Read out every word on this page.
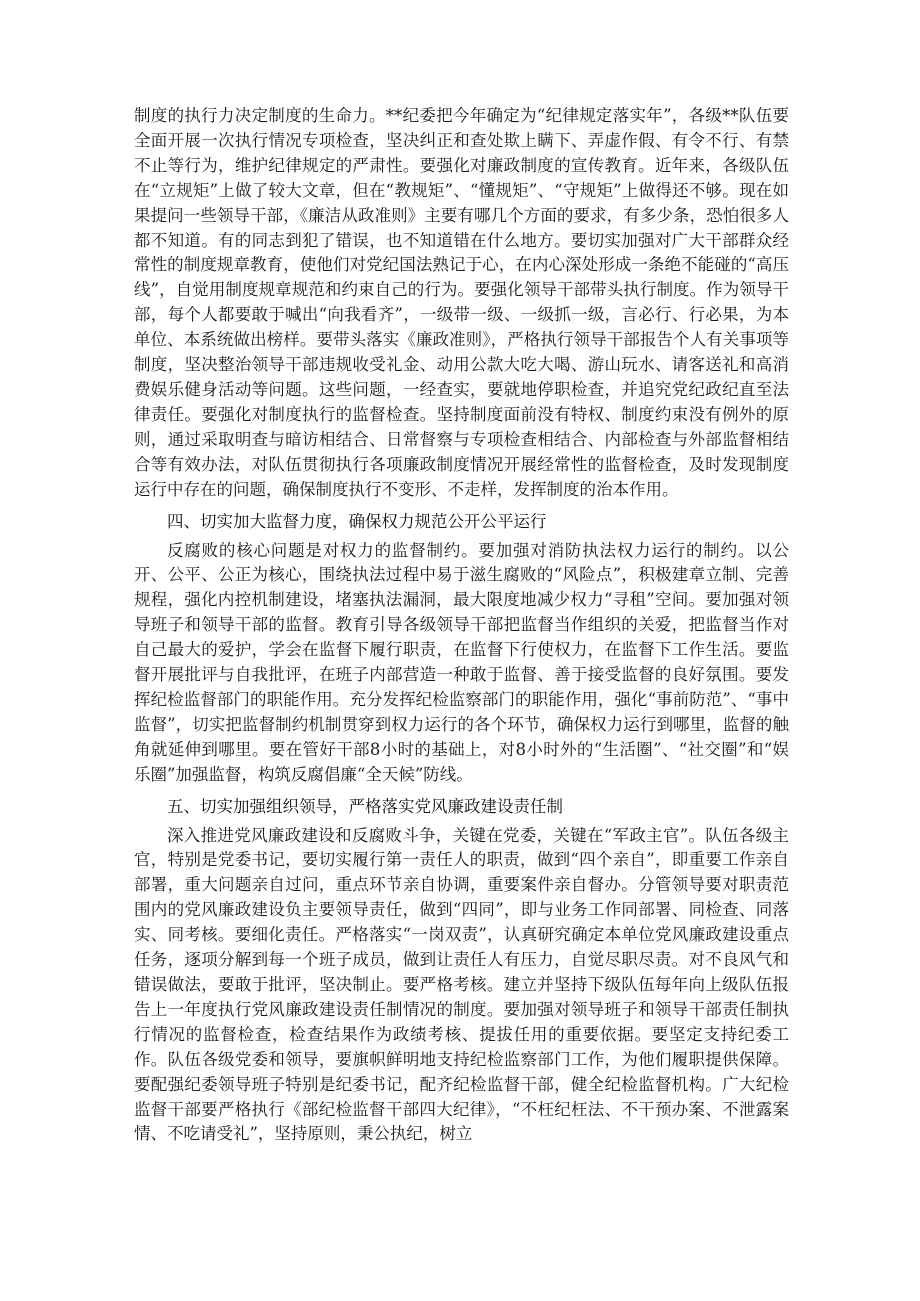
制度的执行力决定制度的生命力。**纪委把今年确定为“纪律规定落实年”，各级**队伍要全面开展一次执行情况专项检查，坚决纠正和查处欺上瞒下、弄虚作假、有令不行、有禁不止等行为，维护纪律规定的严肃性。要强化对廉政制度的宣传教育。近年来，各级队伍在“立规矩”上做了较大文章，但在“教规矩”、“懂规矩”、“守规矩”上做得还不够。现在如果提问一些领导干部，《廉洁从政准则》主要有哪几个方面的要求，有多少条，恐怕很多人都不知道。有的同志到犯了错误，也不知道错在什么地方。要切实加强对广大干部群众经常性的制度规章教育，使他们对党纪国法熟记于心，在内心深处形成一条绝不能碰的“高压线”，自觉用制度规章规范和约束自己的行为。要强化领导干部带头执行制度。作为领导干部，每个人都要敢于喊出“向我看齐”，一级带一级、一级抓一级，言必行、行必果，为本单位、本系统做出榜样。要带头落实《廉政准则》，严格执行领导干部报告个人有关事项等制度，坚决整治领导干部违规收受礼金、动用公款大吃大喝、游山玩水、请客送礼和高消费娱乐健身活动等问题。这些问题，一经查实，要就地停职检查，并追究党纪政纪直至法律责任。要强化对制度执行的监督检查。坚持制度面前没有特权、制度约束没有例外的原则，通过采取明查与暗访相结合、日常督察与专项检查相结合、内部检查与外部监督相结合等有效办法，对队伍贯彻执行各项廉政制度情况开展经常性的监督检查，及时发现制度运行中存在的问题，确保制度执行不变形、不走样，发挥制度的治本作用。

四、切实加大监督力度，确保权力规范公开公平运行

反腐败的核心问题是对权力的监督制约。要加强对消防执法权力运行的制约。以公开、公平、公正为核心，围绕执法过程中易于滋生腐败的“风险点”，积极建章立制、完善规程，强化内控机制建设，堵塞执法漏洞，最大限度地减少权力“寻租”空间。要加强对领导班子和领导干部的监督。教育引导各级领导干部把监督当作组织的关爱，把监督当作对自己最大的爱护，学会在监督下履行职责，在监督下行使权力，在监督下工作生活。要监督开展批评与自我批评，在班子内部营造一种敢于监督、善于接受监督的良好氛围。要发挥纪检监督部门的职能作用。充分发挥纪检监察部门的职能作用，强化“事前防范”、“事中监督”，切实把监督制约机制贯穿到权力运行的各个环节，确保权力运行到哪里，监督的触角就延伸到哪里。要在管好干部8小时的基础上，对8小时外的“生活圈”、“社交圈”和“娱乐圈”加强监督，构筑反腐倡廉“全天候”防线。

五、切实加强组织领导，严格落实党风廉政建设责任制

深入推进党风廉政建设和反腐败斗争，关键在党委，关键在“军政主官”。队伍各级主官，特别是党委书记，要切实履行第一责任人的职责，做到“四个亲自”，即重要工作亲自部署，重大问题亲自过问，重点环节亲自协调，重要案件亲自督办。分管领导要对职责范围内的党风廉政建设负主要领导责任，做到“四同”，即与业务工作同部署、同检查、同落实、同考核。要细化责任。严格落实“一岗双责”，认真研究确定本单位党风廉政建设重点任务，逐项分解到每一个班子成员，做到让责任人有压力，自觉尽职尽责。对不良风气和错误做法，要敢于批评，坚决制止。要严格考核。建立并坚持下级队伍每年向上级队伍报告上一年度执行党风廉政建设责任制情况的制度。要加强对领导班子和领导干部责任制执行情况的监督检查，检查结果作为政绩考核、提拔任用的重要依据。要坚定支持纪委工作。队伍各级党委和领导，要旗帜鲜明地支持纪检监察部门工作，为他们履职提供保障。要配强纪委领导班子特别是纪委书记，配齐纪检监督干部，健全纪检监督机构。广大纪检监督干部要严格执行《部纪检监督干部四大纪律》，“不枉纪枉法、不干预办案、不泄露案情、不吃请受礼”，坚持原则，秉公执纪，树立
